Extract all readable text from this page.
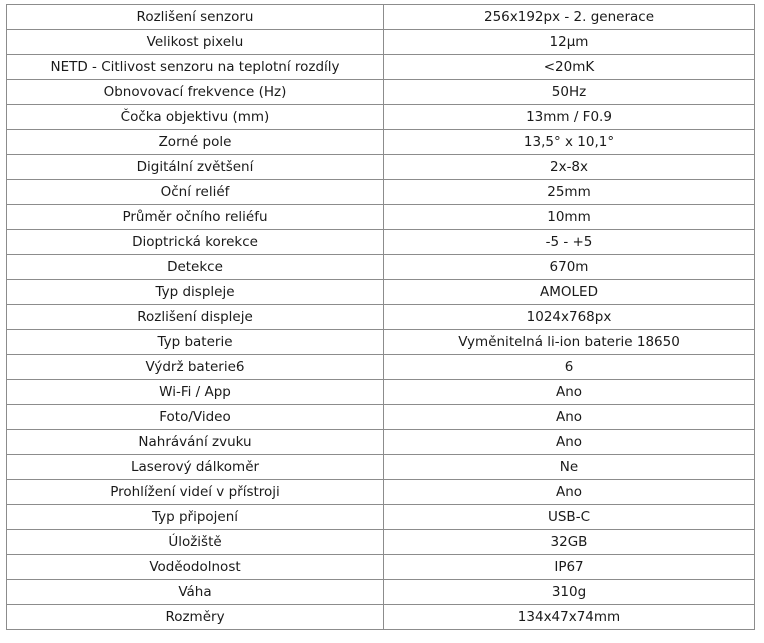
Rozlišení senzoru	256x192px - 2. generace
Velikost pixelu	12μm
NETD - Citlivost senzoru na teplotní rozdíly	<20mK
Obnovovací frekvence (Hz)	50Hz
Čočka objektivu (mm)	13mm / F0.9
Zorné pole	13,5° x 10,1°
Digitální zvětšení	2x-8x
Oční reliéf	25mm
Průměr očního reliéfu	10mm
Dioptrická korekce	-5 - +5
Detekce	670m
Typ displeje	AMOLED
Rozlišení displeje	1024x768px
Typ baterie	Vyměnitelná li-ion baterie 18650
Výdrž baterie6	6
Wi-Fi / App	Ano
Foto/Video	Ano
Nahrávání zvuku	Ano
Laserový dálkoměr	Ne
Prohlížení videí v přístroji	Ano
Typ připojení	USB-C
Úložiště	32GB
Voděodolnost	IP67
Váha	310g
Rozměry	134x47x74mm
